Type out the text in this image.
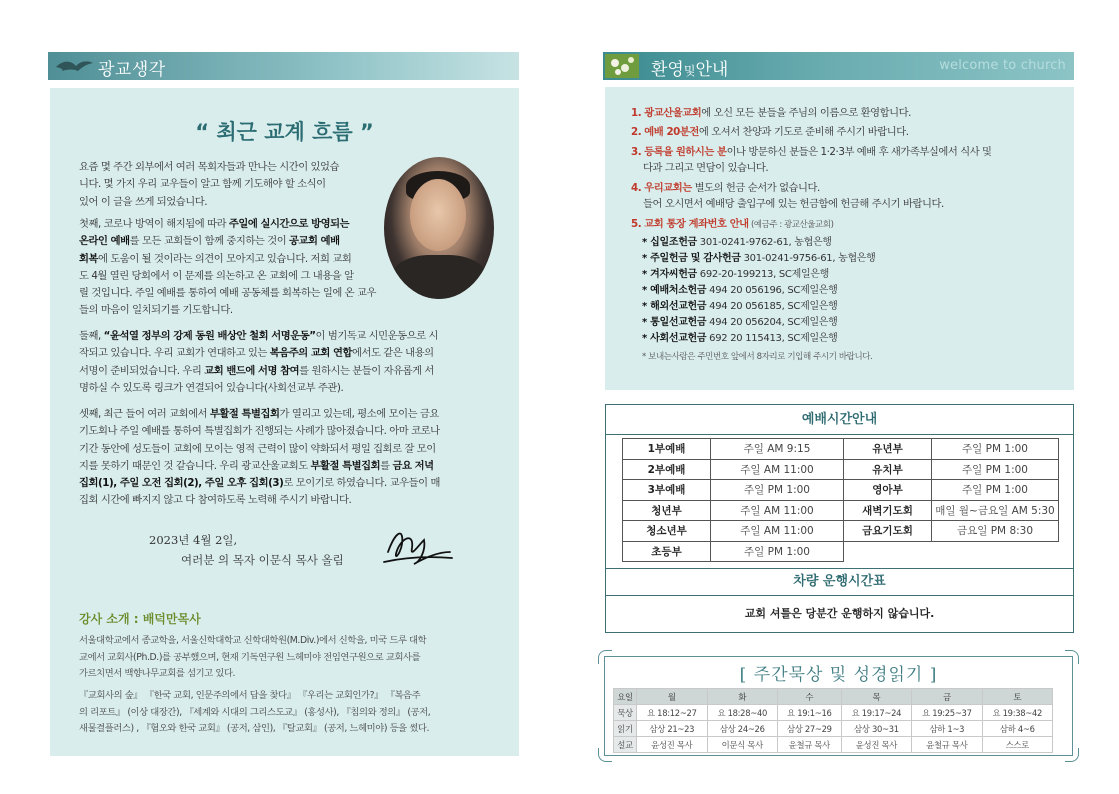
광교생각
“ 최근 교계 흐름 ”
요즘 몇 주간 외부에서 여러 목회자들과 만나는 시간이 있었습
니다. 몇 가지 우리 교우들이 알고 함께 기도해야 할 소식이
있어 이 글을 쓰게 되었습니다.
첫째, 코로나 방역이 해지됨에 따라 주일에 실시간으로 방영되는
온라인 예배를 모든 교회들이 함께 중지하는 것이 공교회 예배
회복에 도움이 될 것이라는 의견이 모아지고 있습니다. 저희 교회
도 4월 열린 당회에서 이 문제를 의논하고 온 교회에 그 내용을 알
릴 것입니다. 주일 예배를 통하여 예배 공동체를 회복하는 일에 온 교우
들의 마음이 일치되기를 기도합니다.
둘째, “윤석열 정부의 강제 동원 배상안 철회 서명운동”이 범기독교 시민운동으로 시
작되고 있습니다. 우리 교회가 연대하고 있는 복음주의 교회 연합에서도 같은 내용의
서명이 준비되었습니다. 우리 교회 밴드에 서명 참여를 원하시는 분들이 자유롭게 서
명하실 수 있도록 링크가 연결되어 있습니다(사회선교부 주관).
셋째, 최근 들어 여러 교회에서 부활절 특별집회가 열리고 있는데, 평소에 모이는 금요
기도회나 주일 예배를 통하여 특별집회가 진행되는 사례가 많아졌습니다. 아마 코로나
기간 동안에 성도들이 교회에 모이는 영적 근력이 많이 약화되서 평일 집회로 잘 모이
지를 못하기 때문인 것 같습니다. 우리 광교산울교회도 부활절 특별집회를 금요 저녁
집회(1), 주일 오전 집회(2), 주일 오후 집회(3)로 모이기로 하였습니다. 교우들이 매
집회 시간에 빠지지 않고 다 참여하도록 노력해 주시기 바랍니다.
2023년 4월 2일,
여러분 의 목자 이문식 목사 올림
강사 소개 : 배덕만목사
서울대학교에서 종교학을, 서울신학대학교 신학대학원(M.Div.)에서 신학을, 미국 드루 대학
교에서 교회사(Ph.D.)를 공부했으며, 현재 기독연구원 느헤미야 전임연구원으로 교회사를
가르치면서 백향나무교회를 섬기고 있다.
『교회사의 숲』 『한국 교회, 인문주의에서 답을 찾다』 『우리는 교회인가?』 『복음주
의 리포트』 (이상 대장간), 『세계와 시대의 그리스도교』 (홍성사), 『침의와 정의』 (공저,
새물결플러스) , 『혐오와 한국 교회』 (공저, 삼인), 『탈교회』 (공저, 느헤미야) 등을 썼다.
환영및안내	welcome to church
1. 광교산울교회에 오신 모든 분들을 주님의 이름으로 환영합니다.
2. 예배 20분전에 오셔서 찬양과 기도로 준비해 주시기 바랍니다.
3. 등록을 원하시는 분이나 방문하신 분들은 1·2·3부 예배 후 새가족부실에서 식사 및
다과 그리고 면담이 있습니다.
4. 우리교회는 별도의 헌금 순서가 없습니다.
들어 오시면서 예배당 출입구에 있는 헌금함에 헌금해 주시기 바랍니다.
5. 교회 통장 계좌번호 안내 (예금주 : 광교산울교회)
* 십일조헌금 301-0241-9762-61, 농협은행
* 주일헌금 및 감사헌금 301-0241-9756-61, 농협은행
* 겨자씨헌금 692-20-199213, SC제일은행
* 예배처소헌금 494 20 056196, SC제일은행
* 해외선교헌금 494 20 056185, SC제일은행
* 통일선교헌금 494 20 056204, SC제일은행
* 사회선교헌금 692 20 115413, SC제일은행
* 보내는사람은 주민번호 앞에서 8자리로 기입해 주시기 바랍니다.
예배시간안내
1부예배	주일 AM 9:15	유년부	주일 PM 1:00
2부예배	주일 AM 11:00	유치부	주일 PM 1:00
3부예배	주일 PM 1:00	영아부	주일 PM 1:00
청년부	주일 AM 11:00	새벽기도회	매일 월~금요일 AM 5:30
청소년부	주일 AM 11:00	금요기도회	금요일 PM 8:30
초등부	주일 PM 1:00		
차량 운행시간표
교회 셔틀은 당분간 운행하지 않습니다.
[ 주간묵상 및 성경읽기 ]
요일	월	화	수	목	금	토
묵상	요 18:12~27	요 18:28~40	요 19:1~16	요 19:17~24	요 19:25~37	요 19:38~42
읽기	삼상 21~23	삼상 24~26	삼상 27~29	삼상 30~31	삼하 1~3	삼하 4~6
설교	윤성진 목사	이문식 목사	윤철규 목사	윤성진 목사	윤철규 목사	스스로
